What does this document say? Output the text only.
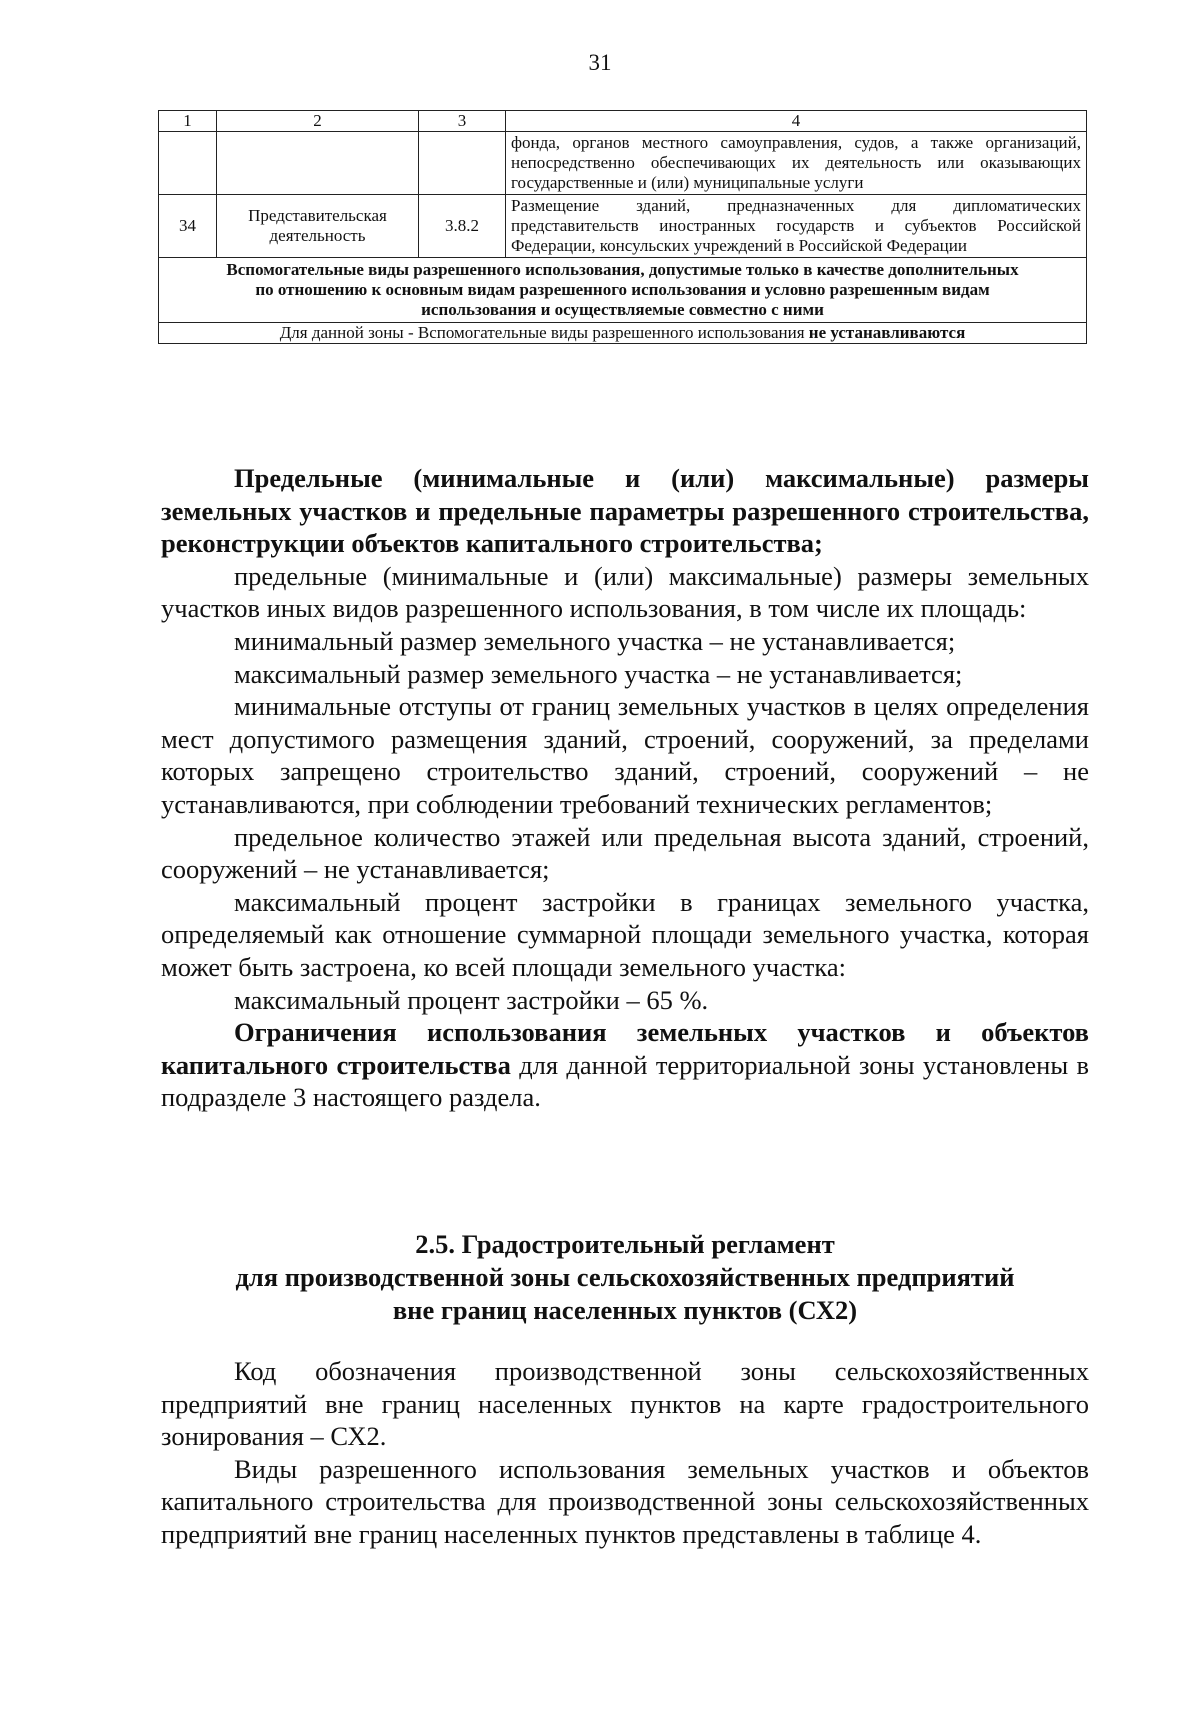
31
1	2	3	4
			фонда, органов местного самоуправления, судов, а также организаций, непосредственно обеспечивающих их деятельность или оказывающих государственные и (или) муниципальные услуги
34	Представительская деятельность	3.8.2	Размещение зданий, предназначенных для дипломатических представительств иностранных государств и субъектов Российской Федерации, консульских учреждений в Российской Федерации
Вспомогательные виды разрешенного использования, допустимые только в качестве дополнительных по отношению к основным видам разрешенного использования и условно разрешенным видам использования и осуществляемые совместно с ними			
Для данной зоны - Вспомогательные виды разрешенного использования не устанавливаются			

Предельные (минимальные и (или) максимальные) размеры земельных участков и предельные параметры разрешенного строительства, реконструкции объектов капитального строительства;

предельные (минимальные и (или) максимальные) размеры земельных участков иных видов разрешенного использования, в том числе их площадь:

минимальный размер земельного участка – не устанавливается;

максимальный размер земельного участка – не устанавливается;

минимальные отступы от границ земельных участков в целях определения мест допустимого размещения зданий, строений, сооружений, за пределами которых запрещено строительство зданий, строений, сооружений – не устанавливаются, при соблюдении требований технических регламентов;

предельное количество этажей или предельная высота зданий, строений, сооружений – не устанавливается;

максимальный процент застройки в границах земельного участка, определяемый как отношение суммарной площади земельного участка, которая может быть застроена, ко всей площади земельного участка:

максимальный процент застройки – 65 %.

Ограничения использования земельных участков и объектов капитального строительства для данной территориальной зоны установлены в подразделе 3 настоящего раздела.

2.5. Градостроительный регламент
для производственной зоны сельскохозяйственных предприятий
вне границ населенных пунктов (СХ2)

Код обозначения производственной зоны сельскохозяйственных предприятий вне границ населенных пунктов на карте градостроительного зонирования – СХ2.

Виды разрешенного использования земельных участков и объектов капитального строительства для производственной зоны сельскохозяйственных предприятий вне границ населенных пунктов представлены в таблице 4.
